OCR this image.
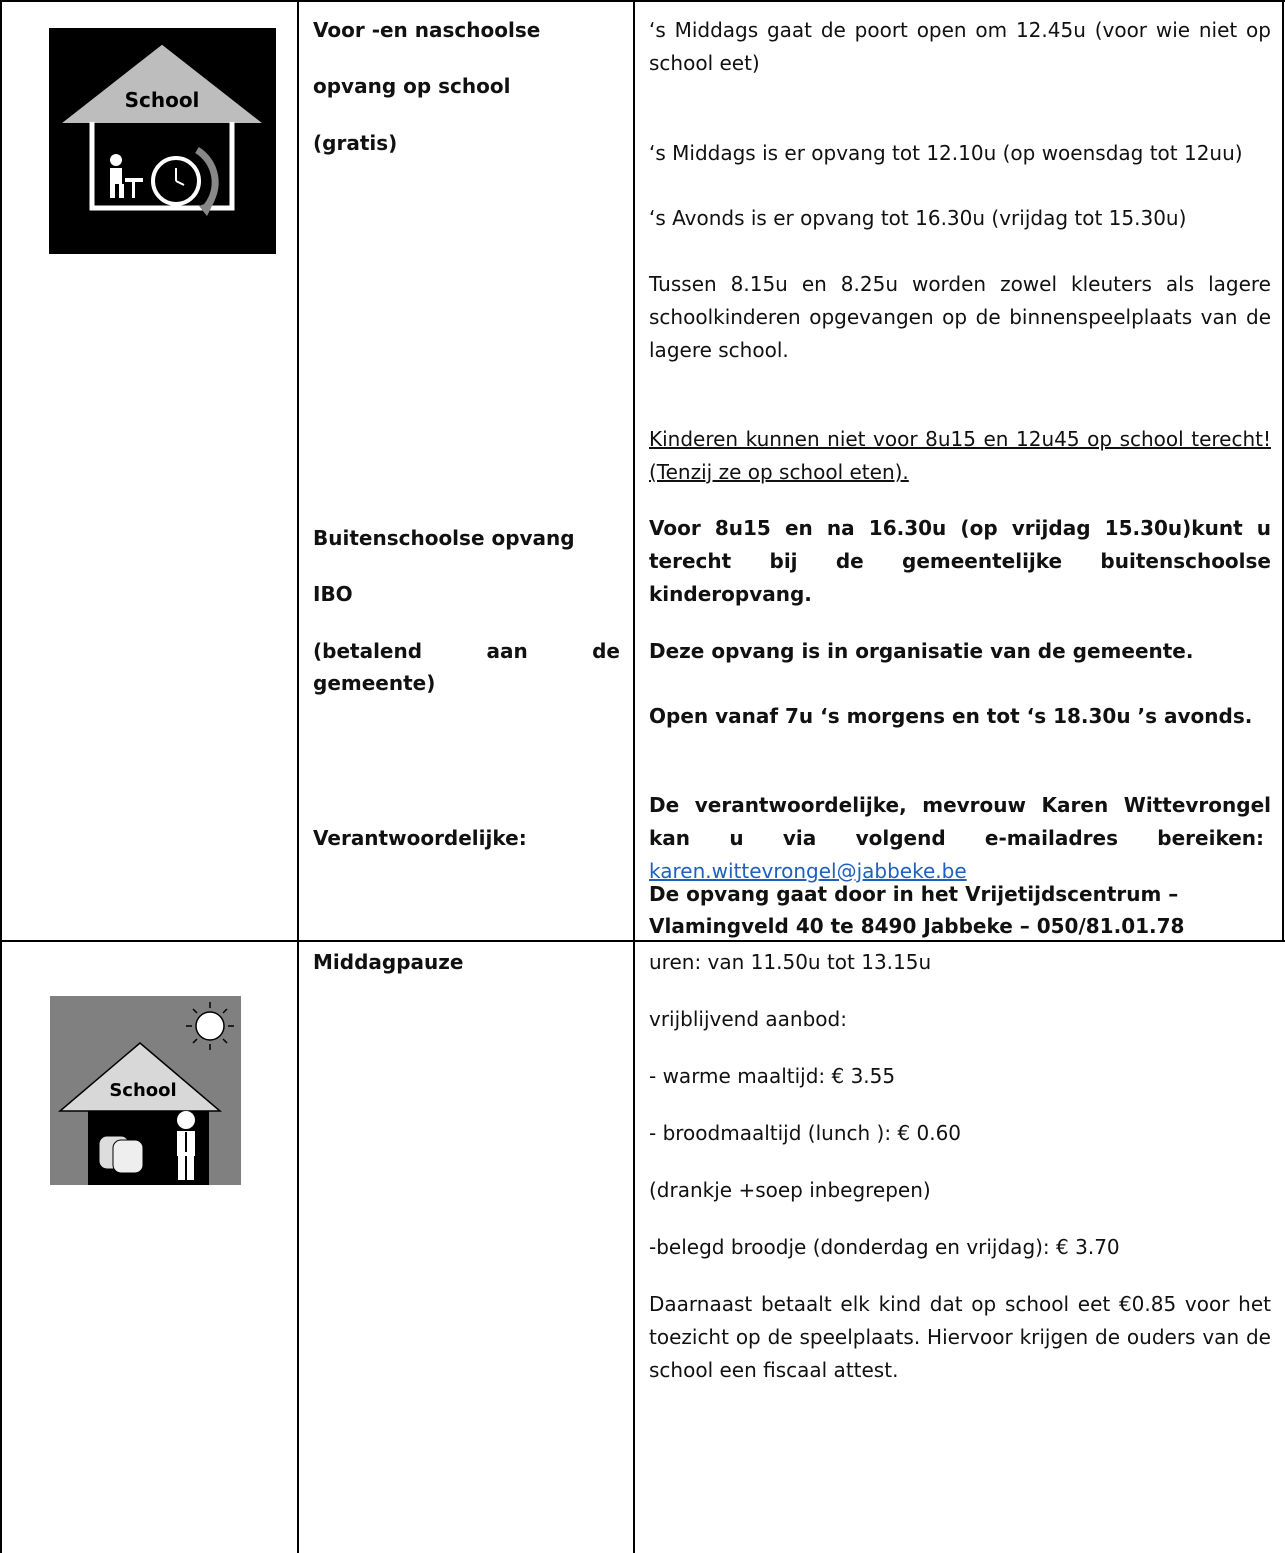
School

Voor -en naschoolse

opvang op school

(gratis)

Buitenschoolse opvang

IBO

(betalend aan de

gemeente)

Verantwoordelijke:

‘s Middags gaat de poort open om 12.45u (voor wie niet op school eet)

‘s Middags is er opvang tot 12.10u (op woensdag tot 12uu)

‘s Avonds is er opvang tot 16.30u (vrijdag tot 15.30u)

Tussen 8.15u en 8.25u worden zowel kleuters als lagere schoolkinderen opgevangen op de binnenspeelplaats van de lagere school.

Kinderen kunnen niet voor 8u15 en 12u45 op school terecht! (Tenzij ze op school eten).

Voor 8u15 en na 16.30u (op vrijdag 15.30u)kunt u terecht bij de gemeentelijke buitenschoolse kinderopvang.

Deze opvang is in organisatie van de gemeente.

Open vanaf 7u ‘s morgens en tot ‘s 18.30u ’s avonds.

De verantwoordelijke, mevrouw Karen Wittevrongel kan u via volgend e-mailadres bereiken:  karen.wittevrongel@jabbeke.be

De opvang gaat door in het Vrijetijdscentrum –

Vlamingveld 40 te 8490 Jabbeke – 050/81.01.78

School

Middagpauze	uren: van 11.50u tot 13.15u

vrijblijvend aanbod:

- warme maaltijd: € 3.55

- broodmaaltijd (lunch ): € 0.60

(drankje +soep inbegrepen)

-belegd broodje (donderdag en vrijdag): € 3.70

Daarnaast betaalt elk kind dat op school eet €0.85 voor het toezicht op de speelplaats. Hiervoor krijgen de ouders van de school een fiscaal attest.
